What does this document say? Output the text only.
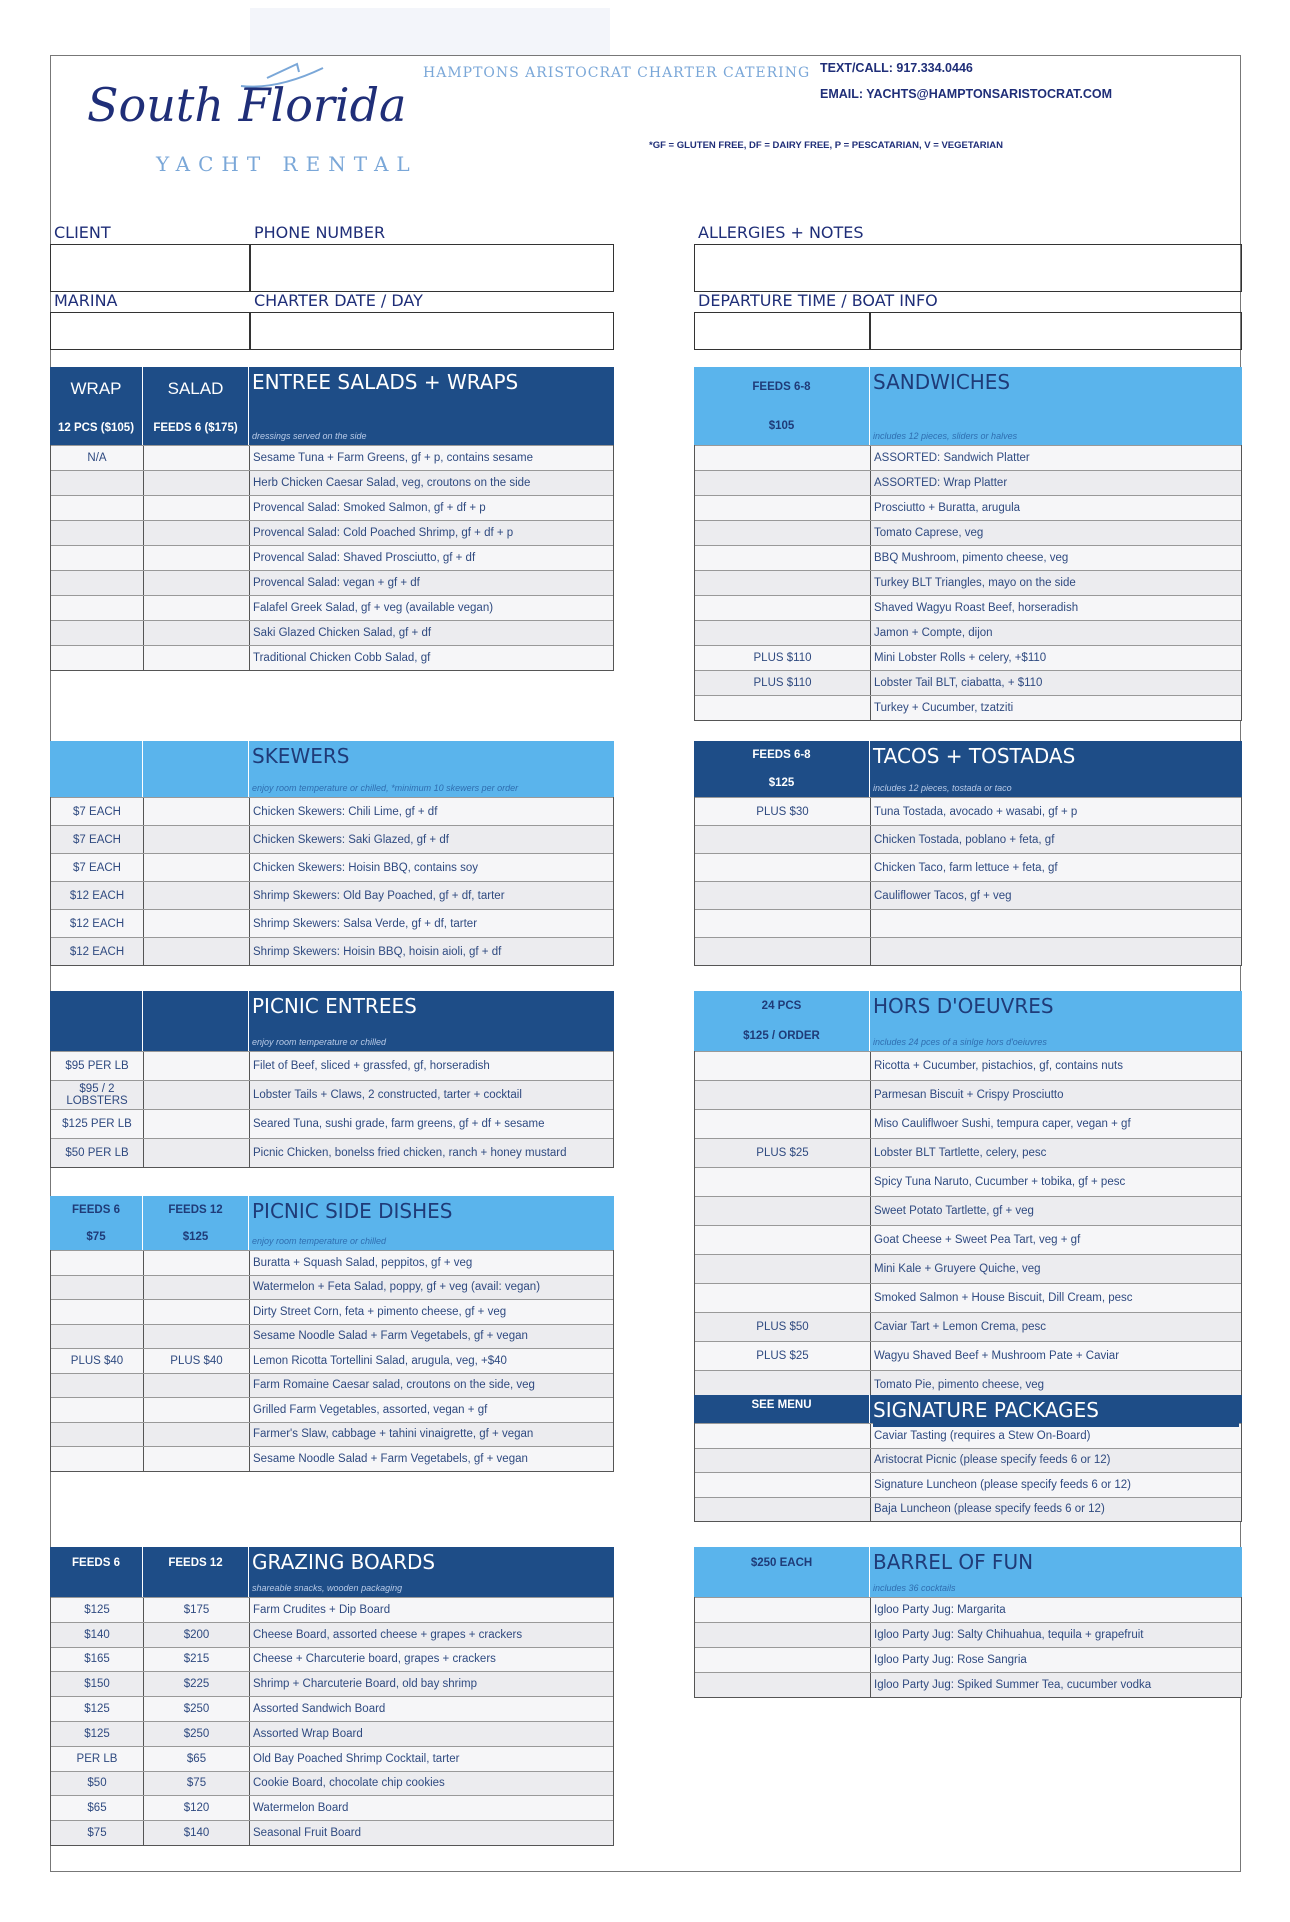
South Florida
YACHT RENTAL
HAMPTONS ARISTOCRAT CHARTER CATERING TEXT/CALL: 917.334.0446
EMAIL: YACHTS@HAMPTONSARISTOCRAT.COM
*GF = GLUTEN FREE, DF = DAIRY FREE, P = PESCATARIAN, V = VEGETARIAN
CLIENT	PHONE NUMBER	ALLERGIES + NOTES
MARINA	CHARTER DATE / DAY	DEPARTURE TIME / BOAT INFO
WRAP
12 PCS ($105)
SALAD
FEEDS 6 ($175)
ENTREE SALADS + WRAPS
dressings served on the side
N/A	Sesame Tuna + Farm Greens, gf + p, contains sesame
Herb Chicken Caesar Salad, veg, croutons on the side
Provencal Salad: Smoked Salmon, gf + df + p
Provencal Salad: Cold Poached Shrimp, gf + df + p
Provencal Salad: Shaved Prosciutto, gf + df
Provencal Salad: vegan + gf + df
Falafel Greek Salad, gf + veg (available vegan)
Saki Glazed Chicken Salad, gf + df
Traditional Chicken Cobb Salad, gf
FEEDS 6-8
$105
SANDWICHES
includes 12 pieces, sliders or halves
ASSORTED: Sandwich Platter
ASSORTED: Wrap Platter
Prosciutto + Buratta, arugula
Tomato Caprese, veg
BBQ Mushroom, pimento cheese, veg
Turkey BLT Triangles, mayo on the side
Shaved Wagyu Roast Beef, horseradish
Jamon + Compte, dijon
PLUS $110	Mini Lobster Rolls + celery, +$110
PLUS $110	Lobster Tail BLT, ciabatta, + $110
Turkey + Cucumber, tzatziti
SKEWERS
enjoy room temperature or chilled, *minimum 10 skewers per order
$7 EACH	Chicken Skewers: Chili Lime, gf + df
$7 EACH	Chicken Skewers: Saki Glazed, gf + df
$7 EACH	Chicken Skewers: Hoisin BBQ, contains soy
$12 EACH	Shrimp Skewers: Old Bay Poached, gf + df, tarter
$12 EACH	Shrimp Skewers: Salsa Verde, gf + df, tarter
$12 EACH	Shrimp Skewers: Hoisin BBQ, hoisin aioli, gf + df
FEEDS 6-8
$125
TACOS + TOSTADAS
includes 12 pieces, tostada or taco
PLUS $30	Tuna Tostada, avocado + wasabi, gf + p
Chicken Tostada, poblano + feta, gf
Chicken Taco, farm lettuce + feta, gf
Cauliflower Tacos, gf + veg
PICNIC ENTREES
enjoy room temperature or chilled
$95 PER LB	Filet of Beef, sliced + grassfed, gf, horseradish
$95 / 2 LOBSTERS	Lobster Tails + Claws, 2 constructed, tarter + cocktail
$125 PER LB	Seared Tuna, sushi grade, farm greens, gf + df + sesame
$50 PER LB	Picnic Chicken, bonelss fried chicken, ranch + honey mustard
FEEDS 6
$75
FEEDS 12
$125
PICNIC SIDE DISHES
enjoy room temperature or chilled
Buratta + Squash Salad, peppitos, gf + veg
Watermelon + Feta Salad, poppy, gf + veg (avail: vegan)
Dirty Street Corn, feta + pimento cheese, gf + veg
Sesame Noodle Salad + Farm Vegetabels, gf + vegan
PLUS $40	PLUS $40	Lemon Ricotta Tortellini Salad, arugula, veg, +$40
Farm Romaine Caesar salad, croutons on the side, veg
Grilled Farm Vegetables, assorted, vegan + gf
Farmer's Slaw, cabbage + tahini vinaigrette, gf + vegan
Sesame Noodle Salad + Farm Vegetabels, gf + vegan
24 PCS
$125 / ORDER
HORS D'OEUVRES
includes 24 pces of a sinlge hors d'oeiuvres
Ricotta + Cucumber, pistachios, gf, contains nuts
Parmesan Biscuit + Crispy Prosciutto
Miso Cauliflwoer Sushi, tempura caper, vegan + gf
PLUS $25	Lobster BLT Tartlette, celery, pesc
Spicy Tuna Naruto, Cucumber + tobika, gf + pesc
Sweet Potato Tartlette, gf + veg
Goat Cheese + Sweet Pea Tart, veg + gf
Mini Kale + Gruyere Quiche, veg
Smoked Salmon + House Biscuit, Dill Cream, pesc
PLUS $50	Caviar Tart + Lemon Crema, pesc
PLUS $25	Wagyu Shaved Beef + Mushroom Pate + Caviar
Tomato Pie, pimento cheese, veg
SEE MENU	SIGNATURE PACKAGES
Caviar Tasting (requires a Stew On-Board)
Aristocrat Picnic (please specify feeds 6 or 12)
Signature Luncheon (please specify feeds 6 or 12)
Baja Luncheon (please specify feeds 6 or 12)
FEEDS 6	FEEDS 12 GRAZING BOARDS
shareable snacks, wooden packaging
$125	$175	Farm Crudites + Dip Board
$140	$200	Cheese Board, assorted cheese + grapes + crackers
$165	$215	Cheese + Charcuterie board, grapes + crackers
$150	$225	Shrimp + Charcuterie Board, old bay shrimp
$125	$250	Assorted Sandwich Board
$125	$250	Assorted Wrap Board
PER LB	$65	Old Bay Poached Shrimp Cocktail, tarter
$50	$75	Cookie Board, chocolate chip cookies
$65	$120	Watermelon Board
$75	$140	Seasonal Fruit Board
$250 EACH	BARREL OF FUN
includes 36 cocktails
Igloo Party Jug: Margarita
Igloo Party Jug: Salty Chihuahua, tequila + grapefruit
Igloo Party Jug: Rose Sangria
Igloo Party Jug: Spiked Summer Tea, cucumber vodka
